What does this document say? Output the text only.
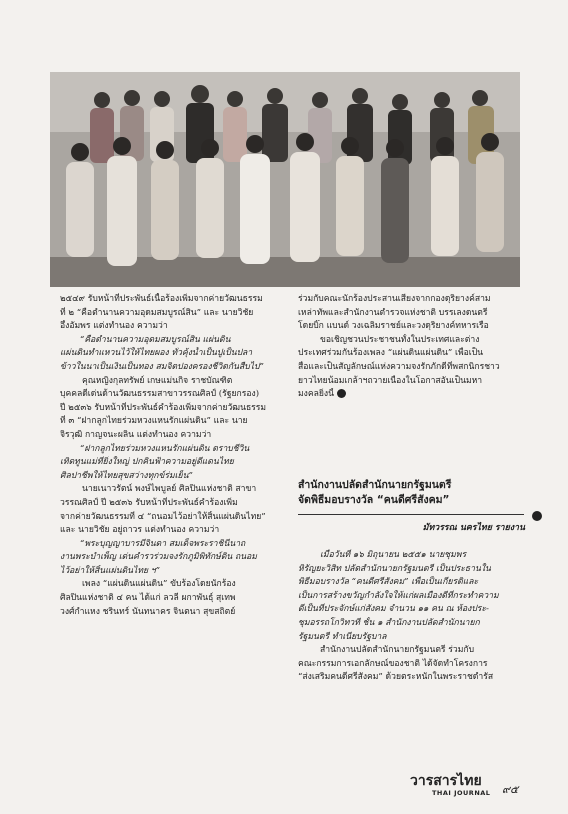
๒๕๔๙ รับหน้าที่ประพันธ์เนื้อร้องเพิ่มจากค่ายวัฒนธรรม

ที่ ๒ “คือตำนานความอุดมสมบูรณ์สิน” และ นายวิชัย

อึ้งอัมพร แต่งทำนอง ความว่า

“คือตำนานความอุดมสมบูรณ์สิน แผ่นดิน

แผ่นดินทำแหวนไว้ให้ไทยผอง ทั่วคุ้งน้ำเป็นปูเป็นปลา

ข้าวในนาเป็นเงินเป็นทอง สมจิตปองครองชีวิตกันสืบไป”

คุณหญิงกุลทรัพย์ เกษแม่นกิจ ราชบัณฑิต

บุคคลดีเด่นด้านวัฒนธรรมสาขาวรรณศิลป์ (รัฐยกรอง)

ปี ๒๕๓๖ รับหน้าที่ประพันธ์คำร้องเพิ่มจากค่ายวัฒนธรรม

ที่ ๓ “ฝากลูกไทยร่วมหวงแหนรักแผ่นดิน” และ นาย

จิรวุฒิ กาญจนะผลิน แต่งทำนอง ความว่า

“ฝากลูกไทยร่วมหวงแหนรักแผ่นดิน ตราบชีวิน

เทิดทูนแม่ที่ยิ่งใหญ่ ปกคินฟ้าความอยู่ดีแดนไทย

ศิลปาชีพให้ไทยสุขสว่างทุกข์ร่มเย็น”

นายเนาวรัตน์ พงษ์ไพบูลย์ ศิลปินแห่งชาติ สาขา

วรรณศิลป์ ปี ๒๕๓๖ รับหน้าที่ประพันธ์คำร้องเพิ่ม

จากค่ายวัฒนธรรมที่ ๔ “ถนอมไว้อย่าให้สิ้นแผ่นดินไทย”

และ นายวิชัย อยู่ถาวร แต่งทำนอง ความว่า

“พระบุญญาบารมีจินดา สมเด็จพระราชินีนาถ

งานพระบำเพ็ญ เด่นคำรวร่วมจงรักภูมิพิทักษ์ดิน ถนอม

ไว้อย่าให้สิ้นแผ่นดินไทย ฯ”

เพลง “แผ่นดินแผ่นดิน” ขับร้องโดยนักร้อง

ศิลปินแห่งชาติ ๔ คน ได้แก่ ลวลี ผกาพันธุ์ สุเทพ

วงศ์กำแหง ชรินทร์ นันทนาคร จินตนา สุขสถิตย์

ร่วมกับคณะนักร้องประสานเสียงจากกองดุริยางค์สาม

เหล่าทัพและสำนักงานตำรวจแห่งชาติ บรรเลงดนตรี

โดยบิ๊ก แบนด์ วงเฉลิมราชย์และวงดุริยางค์ทหารเรือ

ขอเชิญชวนประชาชนทั้งในประเทศและต่าง

ประเทศร่วมกันร้องเพลง “แผ่นดินแผ่นดิน” เพื่อเป็น

สื่อและเป็นสัญลักษณ์แห่งความจงรักภักดีที่พสกนิกรชาว

ยาวไทยน้อมเกล้าฯถวายเนื่องในโอกาสอันเป็นมหา

มงคลยิ่งนี้

สำนักงานปลัดสำนักนายกรัฐมนตรี

จัดพิธีมอบรางวัล “คนดีศรีสังคม”

มัทวรรณ นครไทย รายงาน

เมื่อวันที่ ๑๖ มิถุนายน ๒๕๕๑ นายชุมพร

หิรัญยะวิสิท ปลัดสำนักนายกรัฐมนตรี เป็นประธานใน

พิธีมอบรางวัล “คนดีศรีสังคม” เพื่อเป็นเกียรติและ

เป็นการสร้างขวัญกำลังใจให้แก่ผลเมืองดีที่กระทำความ

ดีเป็นที่ประจักษ์แก่สังคม จำนวน ๑๑ คน ณ ห้องประ-

ชุมอรรถโกวิทวที ชั้น ๑ สำนักงานปลัดสำนักนายก

รัฐมนตรี ทำเนียบรัฐบาล

สำนักงานปลัดสำนักนายกรัฐมนตรี ร่วมกับ

คณะกรรมการเอกลักษณ์ของชาติ ได้จัดทำโครงการ

“ส่งเสริมคนดีศรีสังคม” ด้วยตระหนักในพระราชดำรัส

วารสารไทย
THAI JOURNAL	๙๕
